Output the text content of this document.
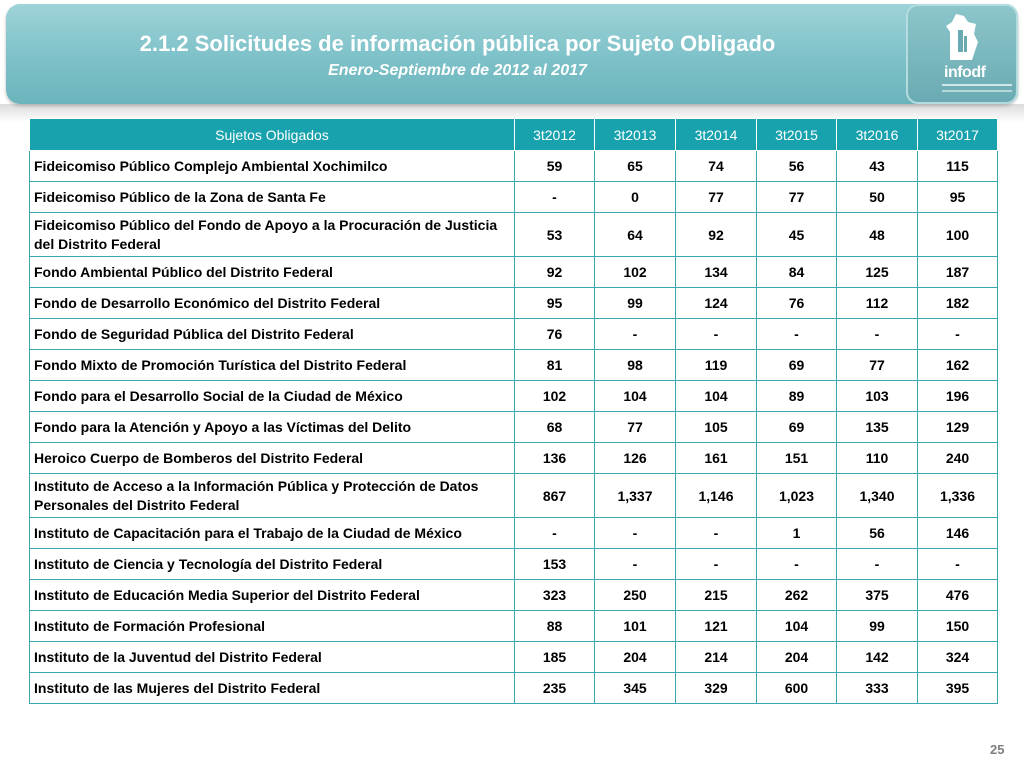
2.1.2 Solicitudes de información pública por Sujeto Obligado
Enero-Septiembre de 2012 al 2017	infodf
Sujetos Obligados	3t2012	3t2013	3t2014	3t2015	3t2016	3t2017
Fideicomiso Público Complejo Ambiental Xochimilco	59	65	74	56	43	115
Fideicomiso Público de la Zona de Santa Fe	-	0	77	77	50	95
Fideicomiso Público del Fondo de Apoyo a la Procuración de Justicia del Distrito Federal	53	64	92	45	48	100
Fondo Ambiental Público del Distrito Federal	92	102	134	84	125	187
Fondo de Desarrollo Económico del Distrito Federal	95	99	124	76	112	182
Fondo de Seguridad Pública del Distrito Federal	76	-	-	-	-	-
Fondo Mixto de Promoción Turística del Distrito Federal	81	98	119	69	77	162
Fondo para el Desarrollo Social de la Ciudad de México	102	104	104	89	103	196
Fondo para la Atención y Apoyo a las Víctimas del Delito	68	77	105	69	135	129
Heroico Cuerpo de Bomberos del Distrito Federal	136	126	161	151	110	240
Instituto de Acceso a la Información Pública y Protección de Datos Personales del Distrito Federal	867	1,337	1,146	1,023	1,340	1,336
Instituto de Capacitación para el Trabajo de la Ciudad de México	-	-	-	1	56	146
Instituto de Ciencia y Tecnología del Distrito Federal	153	-	-	-	-	-
Instituto de Educación Media Superior del Distrito Federal	323	250	215	262	375	476
Instituto de Formación Profesional	88	101	121	104	99	150
Instituto de la Juventud del Distrito Federal	185	204	214	204	142	324
Instituto de las Mujeres del Distrito Federal	235	345	329	600	333	395
25
